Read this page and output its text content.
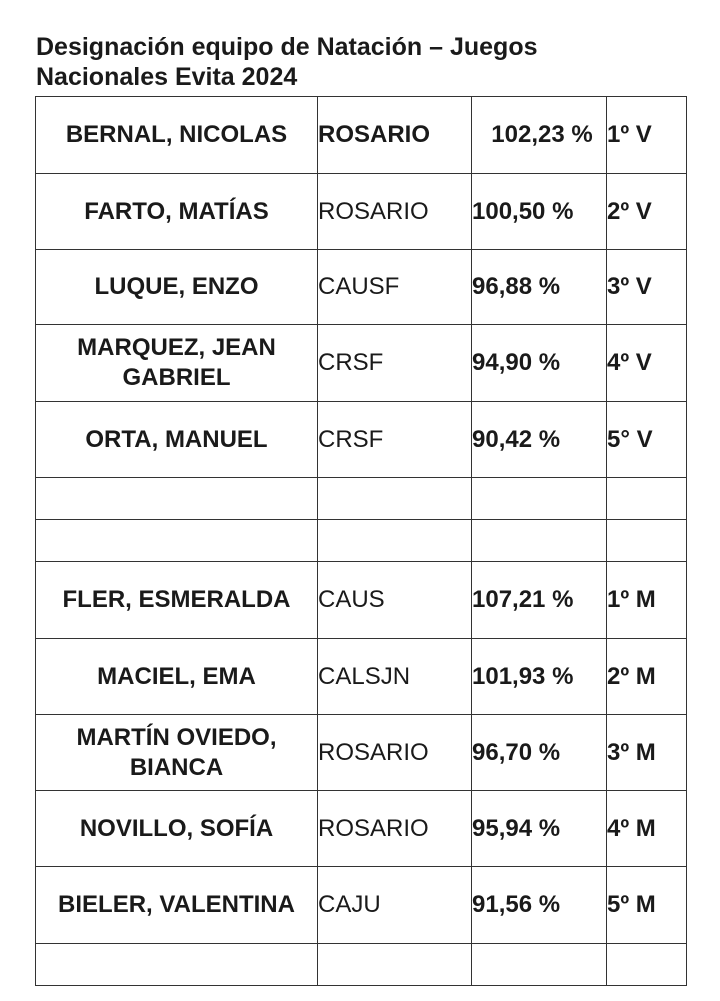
Designación equipo de Natación – Juegos Nacionales Evita 2024
BERNAL, NICOLAS	ROSARIO	102,23 %	1º V
FARTO, MATÍAS	ROSARIO	100,50 %	2º V
LUQUE, ENZO	CAUSF	96,88 %	3º V
MARQUEZ, JEAN GABRIEL	CRSF	94,90 %	4º V
ORTA, MANUEL	CRSF	90,42 %	5° V

FLER, ESMERALDA	CAUS	107,21 %	1º M
MACIEL, EMA	CALSJN	101,93 %	2º M
MARTÍN OVIEDO, BIANCA	ROSARIO	96,70 %	3º M
NOVILLO, SOFÍA	ROSARIO	95,94 %	4º M
BIELER, VALENTINA	CAJU	91,56 %	5º M
